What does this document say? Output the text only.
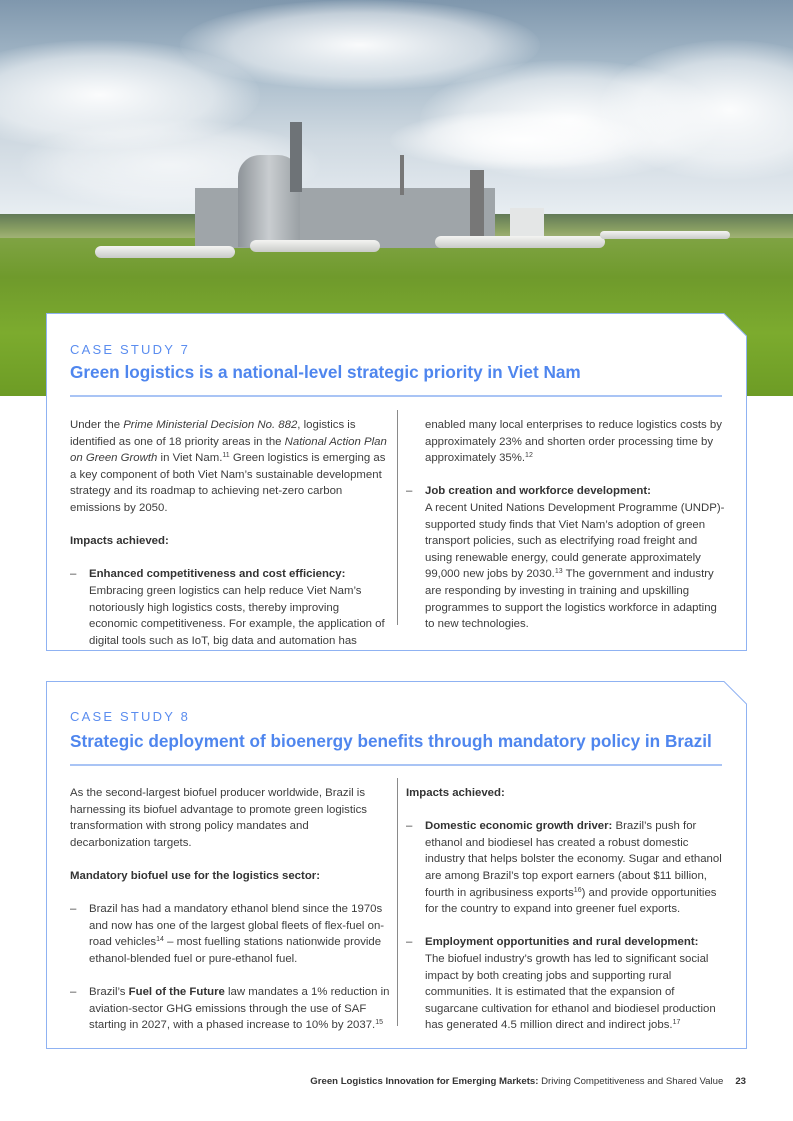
CASE STUDY 7
Green logistics is a national-level strategic priority in Viet Nam

Under the Prime Ministerial Decision No. 882, logistics is identified as one of 18 priority areas in the National Action Plan on Green Growth in Viet Nam.$^{11}$ Green logistics is emerging as a key component of both Viet Nam’s sustainable development strategy and its roadmap to achieving net-zero carbon emissions by 2050.

Impacts achieved:

– Enhanced competitiveness and cost efficiency:
Embracing green logistics can help reduce Viet Nam’s notoriously high logistics costs, thereby improving economic competitiveness. For example, the application of digital tools such as IoT, big data and automation has
enabled many local enterprises to reduce logistics costs by approximately 23% and shorten order processing time by approximately 35%.$^{12}$
– Job creation and workforce development:
A recent United Nations Development Programme (UNDP)-supported study finds that Viet Nam’s adoption of green transport policies, such as electrifying road freight and using renewable energy, could generate approximately 99,000 new jobs by 2030.13 The government and industry are responding by investing in training and upskilling programmes to support the logistics workforce in adapting to new technologies.
CASE STUDY 8
Strategic deployment of bioenergy benefits through mandatory policy in Brazil

As the second-largest biofuel producer worldwide, Brazil is harnessing its biofuel advantage to promote green logistics transformation with strong policy mandates and decarbonization targets.

Mandatory biofuel use for the logistics sector:

– Brazil has had a mandatory ethanol blend since the 1970s and now has one of the largest global fleets of flex-fuel on-road vehicles$^{14}$ – most fuelling stations nationwide provide ethanol-blended fuel or pure-ethanol fuel.
– Brazil’s Fuel of the Future law mandates a 1% reduction in aviation-sector GHG emissions through the use of SAF starting in 2027, with a phased increase to 10% by 2037.15

Impacts achieved:

– Domestic economic growth driver: Brazil’s push for ethanol and biodiesel has created a robust domestic industry that helps bolster the economy. Sugar and ethanol are among Brazil’s top export earners (about $11 billion, fourth in agribusiness exports$^{16}$) and provide opportunities for the country to expand into greener fuel exports.
– Employment opportunities and rural development:
The biofuel industry’s growth has led to significant social impact by both creating jobs and supporting rural communities. It is estimated that the expansion of sugarcane cultivation for ethanol and biodiesel production has generated 4.5 million direct and indirect jobs.$^{17}$
Green Logistics Innovation for Emerging Markets: Driving Competitiveness and Shared Value 23
